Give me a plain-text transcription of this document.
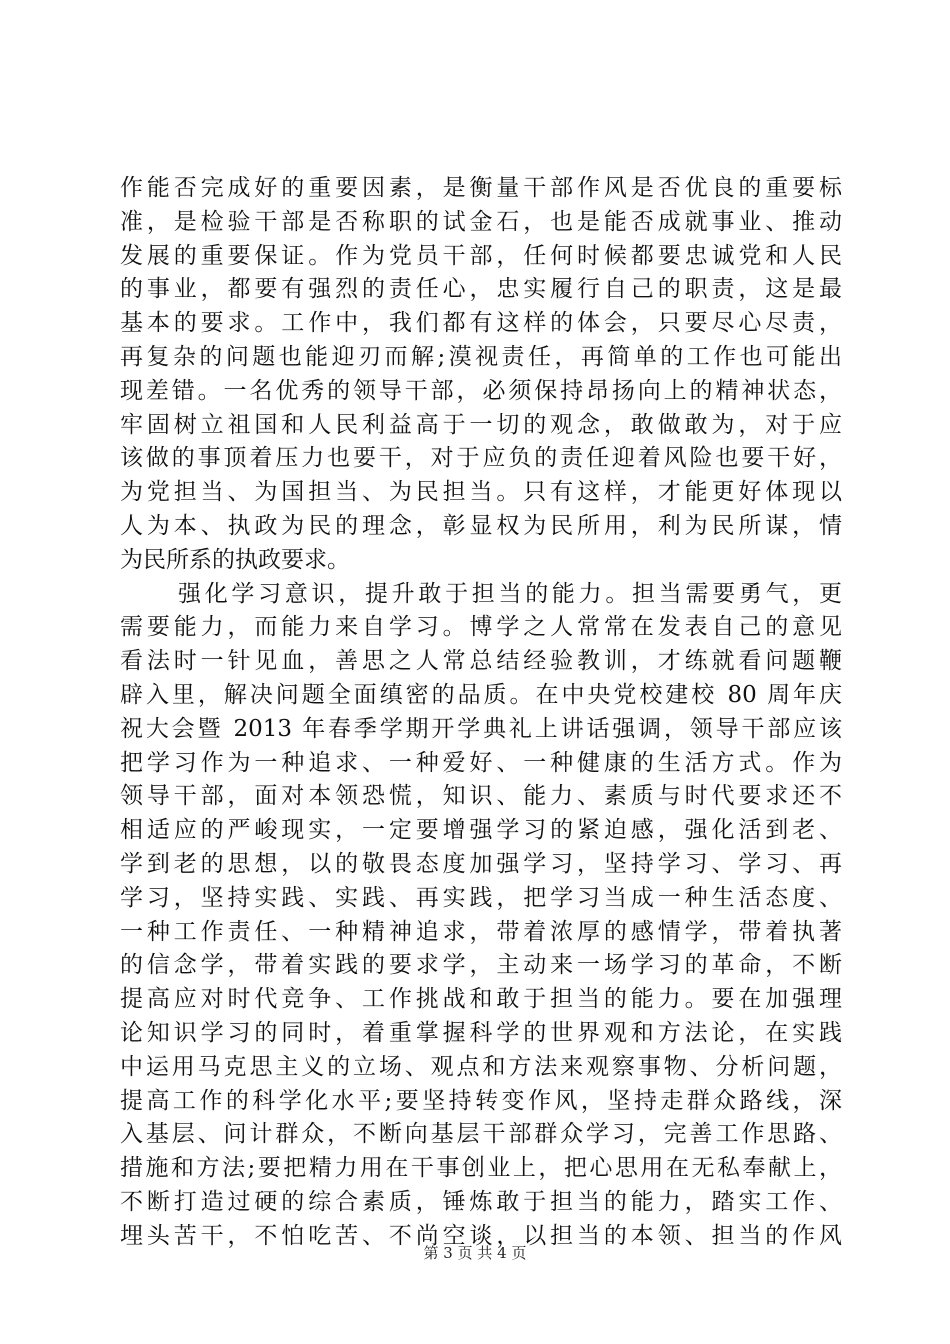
作能否完成好的重要因素，是衡量干部作风是否优良的重要标
准，是检验干部是否称职的试金石，也是能否成就事业、推动
发展的重要保证。作为党员干部，任何时候都要忠诚党和人民
的事业，都要有强烈的责任心，忠实履行自己的职责，这是最
基本的要求。工作中，我们都有这样的体会，只要尽心尽责，
再复杂的问题也能迎刃而解;漠视责任，再简单的工作也可能出
现差错。一名优秀的领导干部，必须保持昂扬向上的精神状态，
牢固树立祖国和人民利益高于一切的观念，敢做敢为，对于应
该做的事顶着压力也要干，对于应负的责任迎着风险也要干好，
为党担当、为国担当、为民担当。只有这样，才能更好体现以
人为本、执政为民的理念，彰显权为民所用，利为民所谋，情
为民所系的执政要求。
强化学习意识，提升敢于担当的能力。担当需要勇气，更
需要能力，而能力来自学习。博学之人常常在发表自己的意见
看法时一针见血，善思之人常总结经验教训，才练就看问题鞭
辟入里，解决问题全面缜密的品质。在中央党校建校 80 周年庆
祝大会暨 2013 年春季学期开学典礼上讲话强调，领导干部应该
把学习作为一种追求、一种爱好、一种健康的生活方式。作为
领导干部，面对本领恐慌，知识、能力、素质与时代要求还不
相适应的严峻现实，一定要增强学习的紧迫感，强化活到老、
学到老的思想，以的敬畏态度加强学习，坚持学习、学习、再
学习，坚持实践、实践、再实践，把学习当成一种生活态度、
一种工作责任、一种精神追求，带着浓厚的感情学，带着执著
的信念学，带着实践的要求学，主动来一场学习的革命，不断
提高应对时代竞争、工作挑战和敢于担当的能力。要在加强理
论知识学习的同时，着重掌握科学的世界观和方法论，在实践
中运用马克思主义的立场、观点和方法来观察事物、分析问题，
提高工作的科学化水平;要坚持转变作风，坚持走群众路线，深
入基层、问计群众，不断向基层干部群众学习，完善工作思路、
措施和方法;要把精力用在干事创业上，把心思用在无私奉献上，
不断打造过硬的综合素质，锤炼敢于担当的能力，踏实工作、
埋头苦干，不怕吃苦、不尚空谈，以担当的本领、担当的作风
第 3 页 共 4 页
